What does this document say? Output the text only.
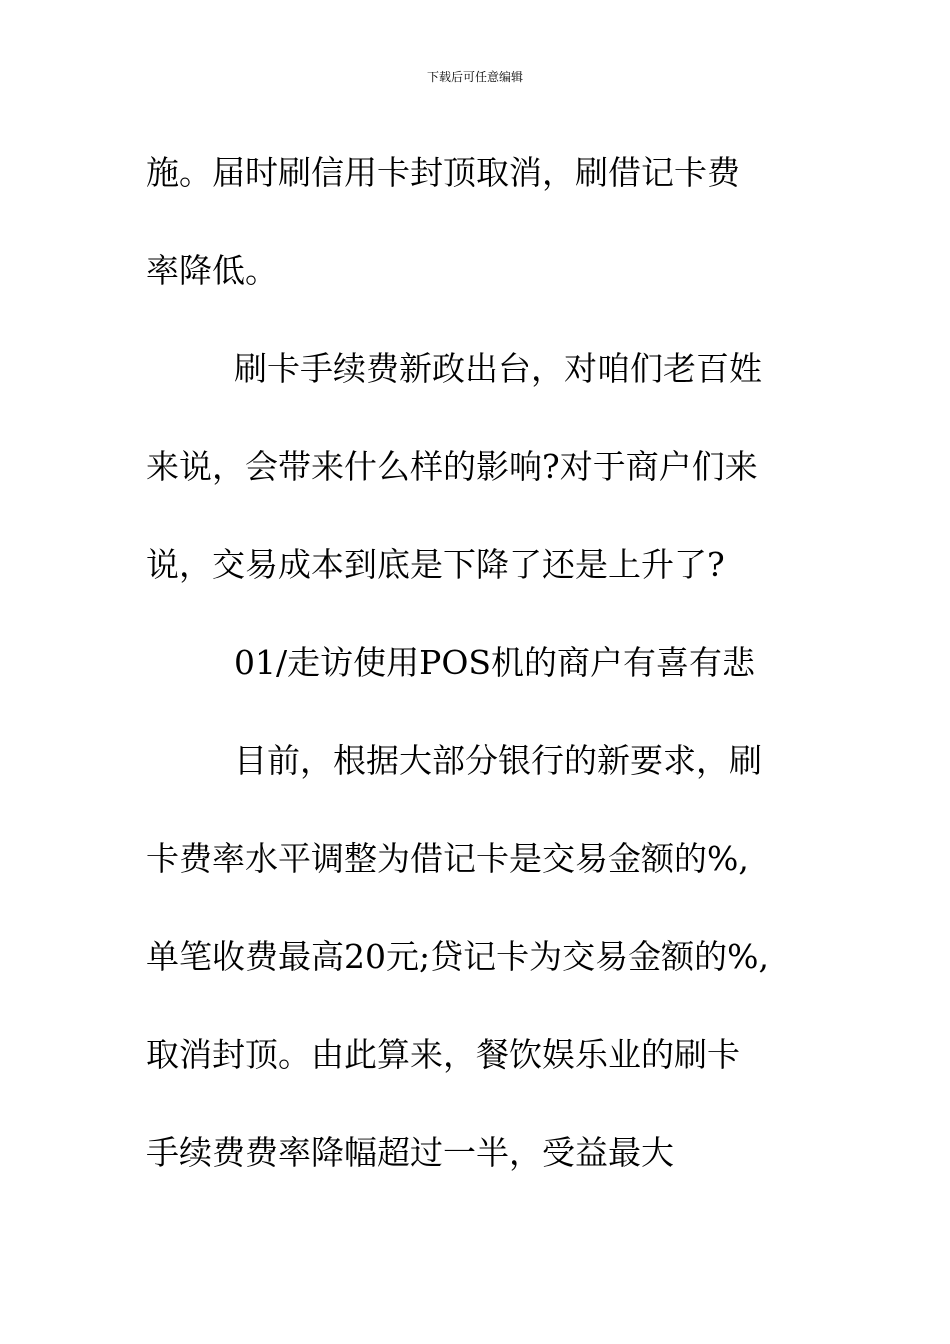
下载后可任意编辑
施。届时刷信用卡封顶取消，刷借记卡费
率降低。
刷卡手续费新政出台，对咱们老百姓
来说，会带来什么样的影响?对于商户们来
说，交易成本到底是下降了还是上升了?
01/走访使用POS机的商户有喜有悲
目前，根据大部分银行的新要求，刷
卡费率水平调整为借记卡是交易金额的%,
单笔收费最高20元;贷记卡为交易金额的%,
取消封顶。由此算来，餐饮娱乐业的刷卡
手续费费率降幅超过一半，受益最大
